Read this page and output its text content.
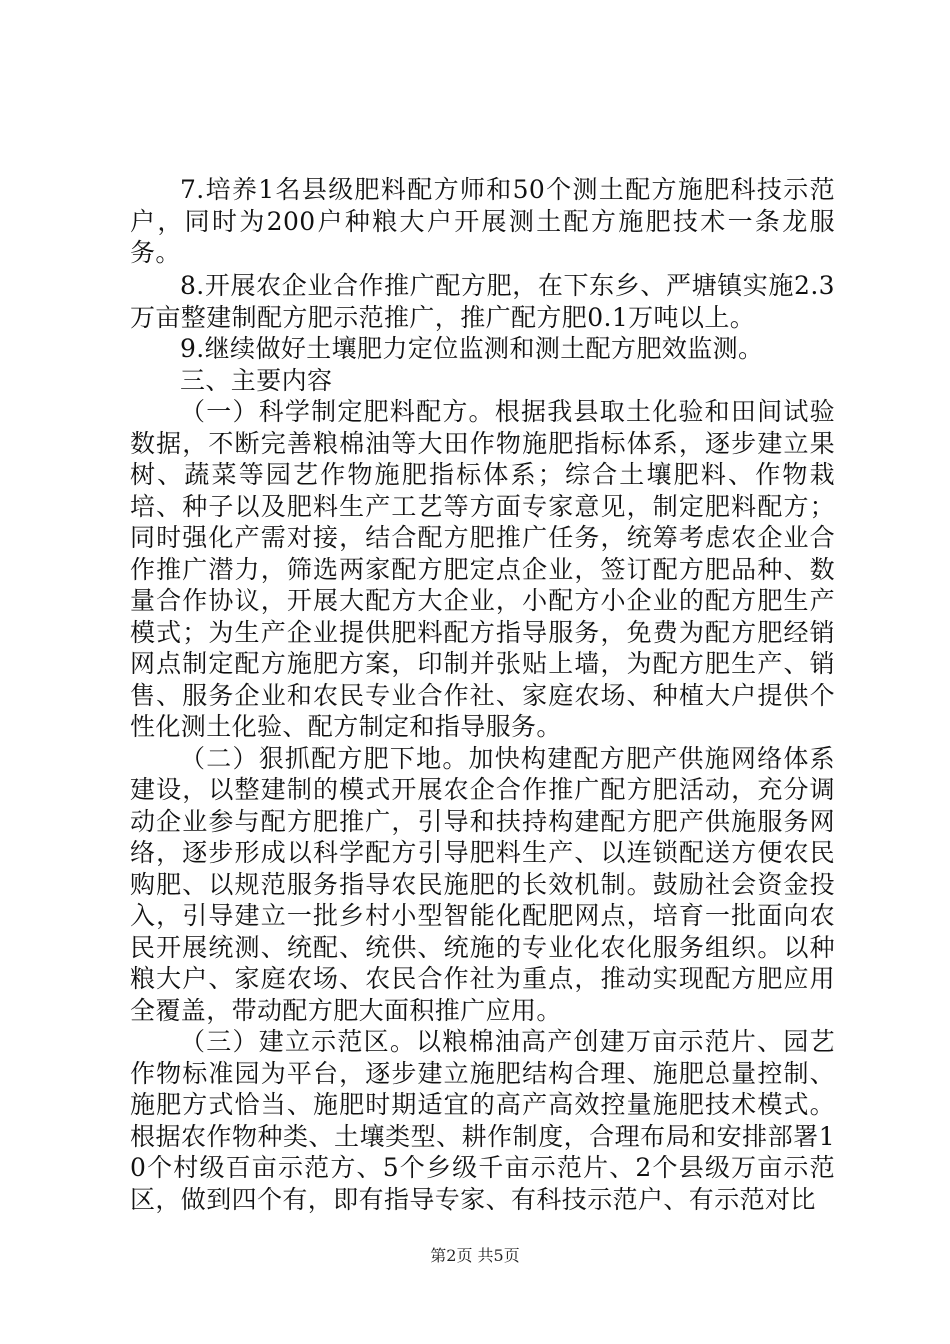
7.培养1名县级肥料配方师和50个测土配方施肥科技示范户，同时为200户种粮大户开展测土配方施肥技术一条龙服务。

8.开展农企业合作推广配方肥，在下东乡、严塘镇实施2.3万亩整建制配方肥示范推广，推广配方肥0.1万吨以上。

9.继续做好土壤肥力定位监测和测土配方肥效监测。

三、主要内容

（一）科学制定肥料配方。根据我县取土化验和田间试验数据，不断完善粮棉油等大田作物施肥指标体系，逐步建立果树、蔬菜等园艺作物施肥指标体系；综合土壤肥料、作物栽培、种子以及肥料生产工艺等方面专家意见，制定肥料配方；同时强化产需对接，结合配方肥推广任务，统筹考虑农企业合作推广潜力，筛选两家配方肥定点企业，签订配方肥品种、数量合作协议，开展大配方大企业，小配方小企业的配方肥生产模式；为生产企业提供肥料配方指导服务，免费为配方肥经销网点制定配方施肥方案，印制并张贴上墙，为配方肥生产、销售、服务企业和农民专业合作社、家庭农场、种植大户提供个性化测土化验、配方制定和指导服务。

（二）狠抓配方肥下地。加快构建配方肥产供施网络体系建设，以整建制的模式开展农企合作推广配方肥活动，充分调动企业参与配方肥推广，引导和扶持构建配方肥产供施服务网络，逐步形成以科学配方引导肥料生产、以连锁配送方便农民购肥、以规范服务指导农民施肥的长效机制。鼓励社会资金投入，引导建立一批乡村小型智能化配肥网点，培育一批面向农民开展统测、统配、统供、统施的专业化农化服务组织。以种粮大户、家庭农场、农民合作社为重点，推动实现配方肥应用全覆盖，带动配方肥大面积推广应用。

（三）建立示范区。以粮棉油高产创建万亩示范片、园艺作物标准园为平台，逐步建立施肥结构合理、施肥总量控制、施肥方式恰当、施肥时期适宜的高产高效控量施肥技术模式。根据农作物种类、土壤类型、耕作制度，合理布局和安排部署10个村级百亩示范方、5个乡级千亩示范片、2个县级万亩示范区，做到四个有，即有指导专家、有科技示范户、有示范对比

第2页 共5页
